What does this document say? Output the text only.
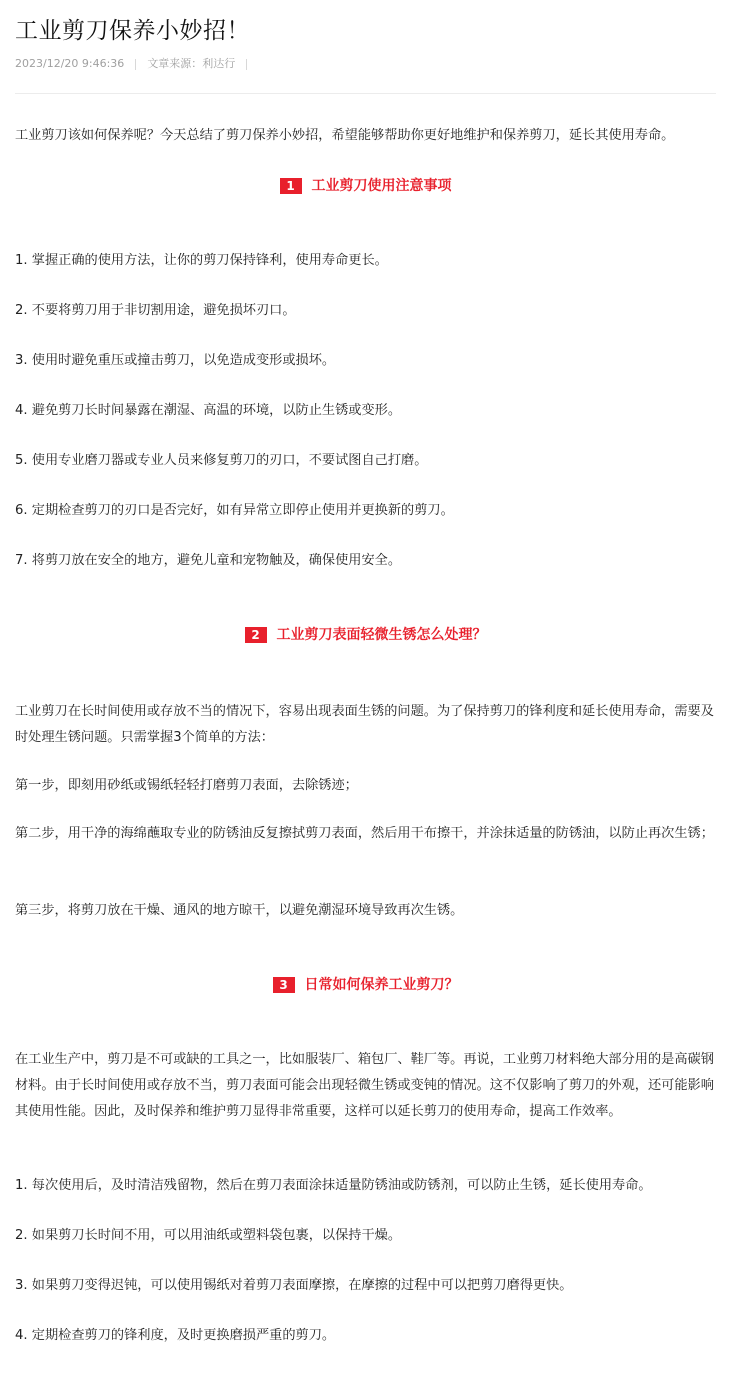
工业剪刀保养小妙招！
2023/12/20 9:46:36 文章来源：利达行

工业剪刀该如何保养呢？今天总结了剪刀保养小妙招，希望能够帮助你更好地维护和保养剪刀，延长其使用寿命。

1	工业剪刀使用注意事项

1. 掌握正确的使用方法，让你的剪刀保持锋利，使用寿命更长。

2. 不要将剪刀用于非切割用途，避免损坏刃口。

3. 使用时避免重压或撞击剪刀，以免造成变形或损坏。

4. 避免剪刀长时间暴露在潮湿、高温的环境，以防止生锈或变形。

5. 使用专业磨刀器或专业人员来修复剪刀的刃口，不要试图自己打磨。

6. 定期检查剪刀的刃口是否完好，如有异常立即停止使用并更换新的剪刀。

7. 将剪刀放在安全的地方，避免儿童和宠物触及，确保使用安全。

2	工业剪刀表面轻微生锈怎么处理？

工业剪刀在长时间使用或存放不当的情况下，容易出现表面生锈的问题。为了保持剪刀的锋利度和延长使用寿命，需要及时处理生锈问题。只需掌握3个简单的方法：

第一步，即刻用砂纸或锡纸轻轻打磨剪刀表面，去除锈迹；

第二步，用干净的海绵蘸取专业的防锈油反复擦拭剪刀表面，然后用干布擦干，并涂抹适量的防锈油，以防止再次生锈；

第三步，将剪刀放在干燥、通风的地方晾干，以避免潮湿环境导致再次生锈。

3	日常如何保养工业剪刀？

在工业生产中，剪刀是不可或缺的工具之一，比如服装厂、箱包厂、鞋厂等。再说，工业剪刀材料绝大部分用的是高碳钢材料。由于长时间使用或存放不当，剪刀表面可能会出现轻微生锈或变钝的情况。这不仅影响了剪刀的外观，还可能影响其使用性能。因此，及时保养和维护剪刀显得非常重要，这样可以延长剪刀的使用寿命，提高工作效率。

1. 每次使用后，及时清洁残留物，然后在剪刀表面涂抹适量防锈油或防锈剂，可以防止生锈，延长使用寿命。

2. 如果剪刀长时间不用，可以用油纸或塑料袋包裹，以保持干燥。

3. 如果剪刀变得迟钝，可以使用锡纸对着剪刀表面摩擦，在摩擦的过程中可以把剪刀磨得更快。

4. 定期检查剪刀的锋利度，及时更换磨损严重的剪刀。
